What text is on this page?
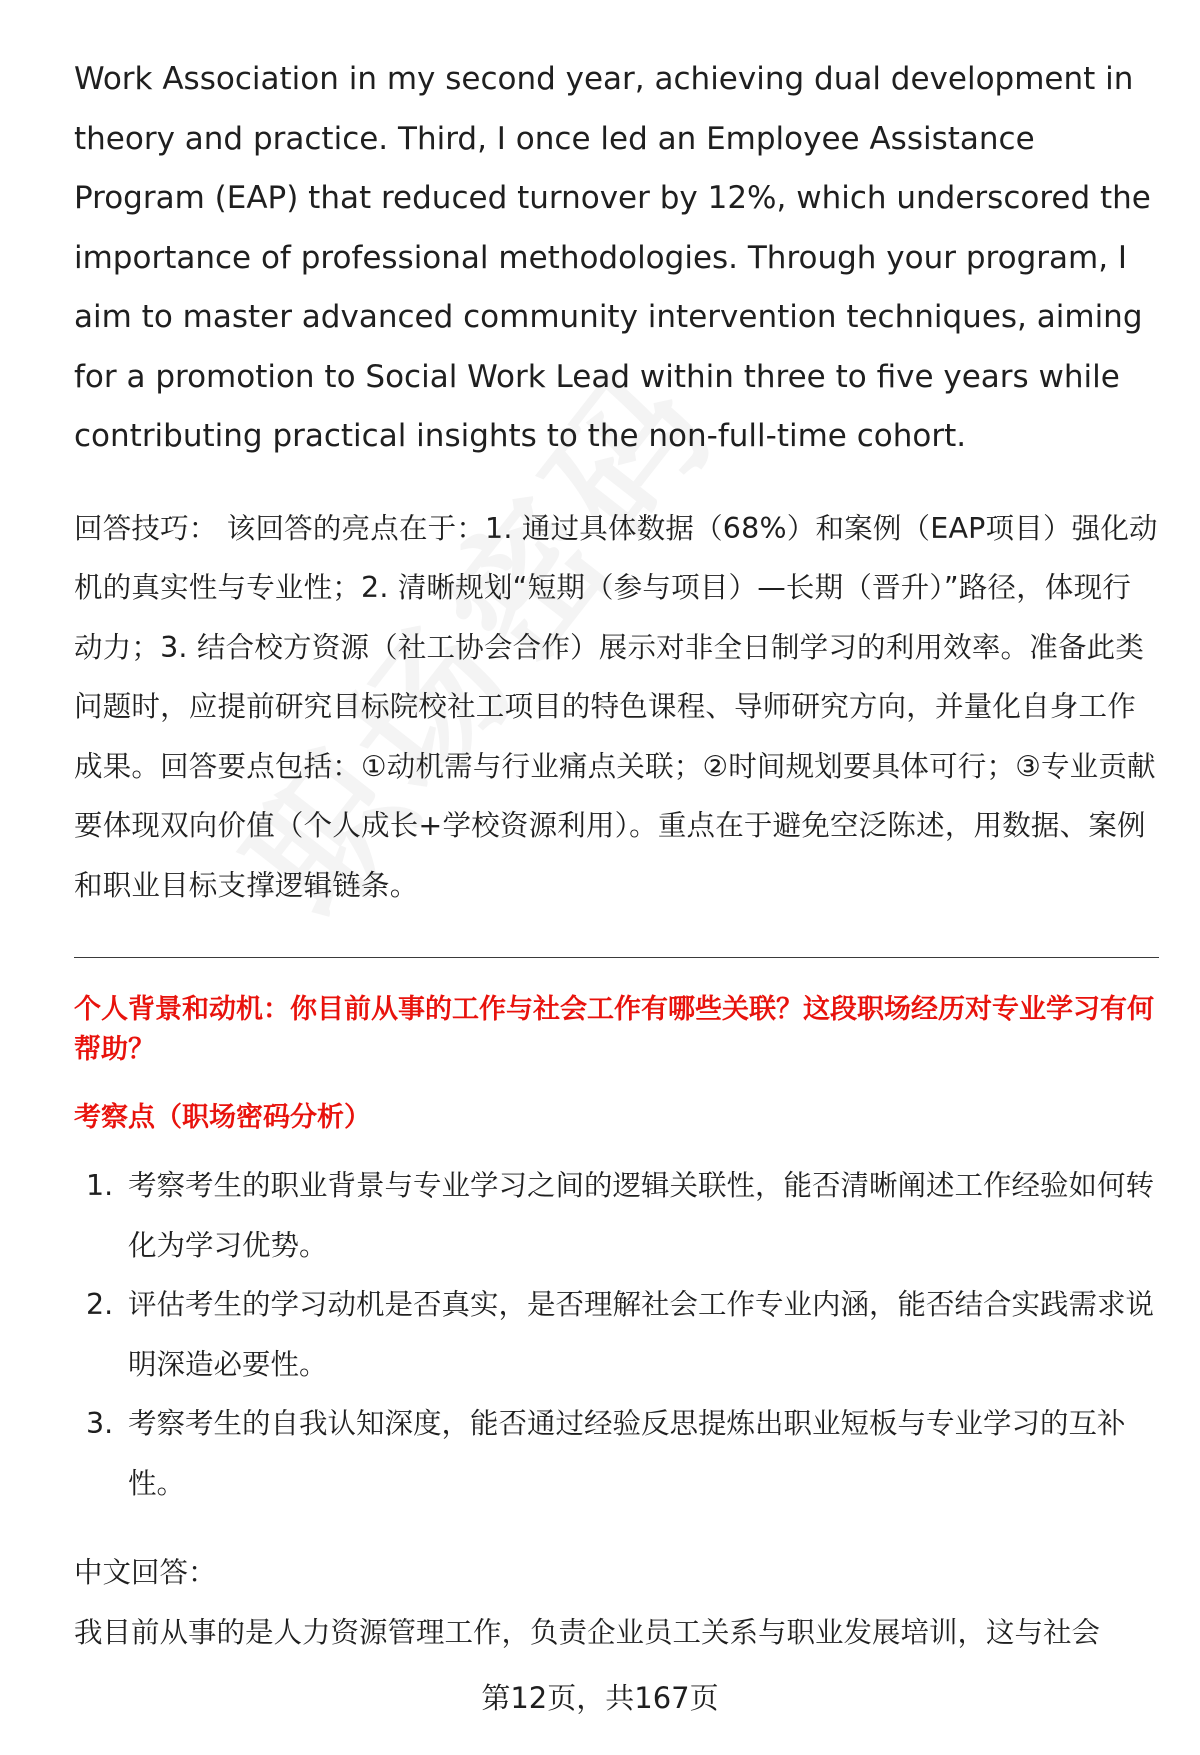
Work Association in my second year, achieving dual development in theory and practice. Third, I once led an Employee Assistance Program (EAP) that reduced turnover by 12%, which underscored the importance of professional methodologies. Through your program, I aim to master advanced community intervention techniques, aiming for a promotion to Social Work Lead within three to five years while contributing practical insights to the non-full-time cohort.

回答技巧： 该回答的亮点在于：1. 通过具体数据（68%）和案例（EAP项目）强化动机的真实性与专业性；2. 清晰规划“短期（参与项目）—长期（晋升）”路径，体现行动力；3. 结合校方资源（社工协会合作）展示对非全日制学习的利用效率。准备此类问题时，应提前研究目标院校社工项目的特色课程、导师研究方向，并量化自身工作成果。回答要点包括：①动机需与行业痛点关联；②时间规划要具体可行；③专业贡献要体现双向价值（个人成长+学校资源利用）。重点在于避免空泛陈述，用数据、案例和职业目标支撑逻辑链条。

个人背景和动机：你目前从事的工作与社会工作有哪些关联？这段职场经历对专业学习有何帮助？
考察点（职场密码分析）
1. 考察考生的职业背景与专业学习之间的逻辑关联性，能否清晰阐述工作经验如何转化为学习优势。
2. 评估考生的学习动机是否真实，是否理解社会工作专业内涵，能否结合实践需求说明深造必要性。
3. 考察考生的自我认知深度，能否通过经验反思提炼出职业短板与专业学习的互补性。

中文回答：

我目前从事的是人力资源管理工作，负责企业员工关系与职业发展培训，这与社会

第12页，共167页
